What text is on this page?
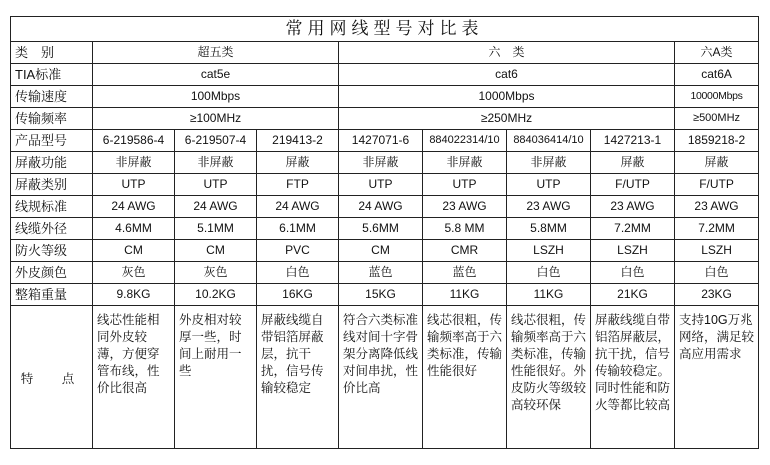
常用网线型号对比表								
类　别	超五类			六　类				六A类
TIA标准	cat5e			cat6				cat6A
传输速度	100Mbps			1000Mbps				10000Mbps
传输频率	≥100MHz			≥250MHz				≥500MHz
产品型号	6-219586-4	6-219507-4	219413-2	1427071-6	884022314/10	884036414/10	1427213-1	1859218-2
屏蔽功能	非屏蔽	非屏蔽	屏蔽	非屏蔽	非屏蔽	非屏蔽	屏蔽	屏蔽
屏蔽类别	UTP	UTP	FTP	UTP	UTP	UTP	F/UTP	F/UTP
线规标准	24 AWG	24 AWG	24 AWG	24 AWG	23 AWG	23 AWG	23 AWG	23 AWG
线缆外径	4.6MM	5.1MM	6.1MM	5.6MM	5.8 MM	5.8MM	7.2MM	7.2MM
防火等级	CM	CM	PVC	CM	CMR	LSZH	LSZH	LSZH
外皮颜色	灰色	灰色	白色	蓝色	蓝色	白色	白色	白色
整箱重量	9.8KG	10.2KG	16KG	15KG	11KG	11KG	21KG	23KG
特　点	线芯性能相同外皮较薄，方便穿管布线，性价比很高	外皮相对较厚一些，时间上耐用一些	屏蔽线缆自带铝箔屏蔽层，抗干扰，信号传输较稳定	符合六类标准线对间十字骨架分离降低线对间串扰，性价比高	线芯很粗，传输频率高于六类标准，传输性能很好	线芯很粗，传输频率高于六类标准，传输性能很好。外皮防火等级较高较环保	屏蔽线缆自带铝箔屏蔽层，抗干扰，信号传输较稳定。同时性能和防火等都比较高	支持10G万兆网络，满足较高应用需求
